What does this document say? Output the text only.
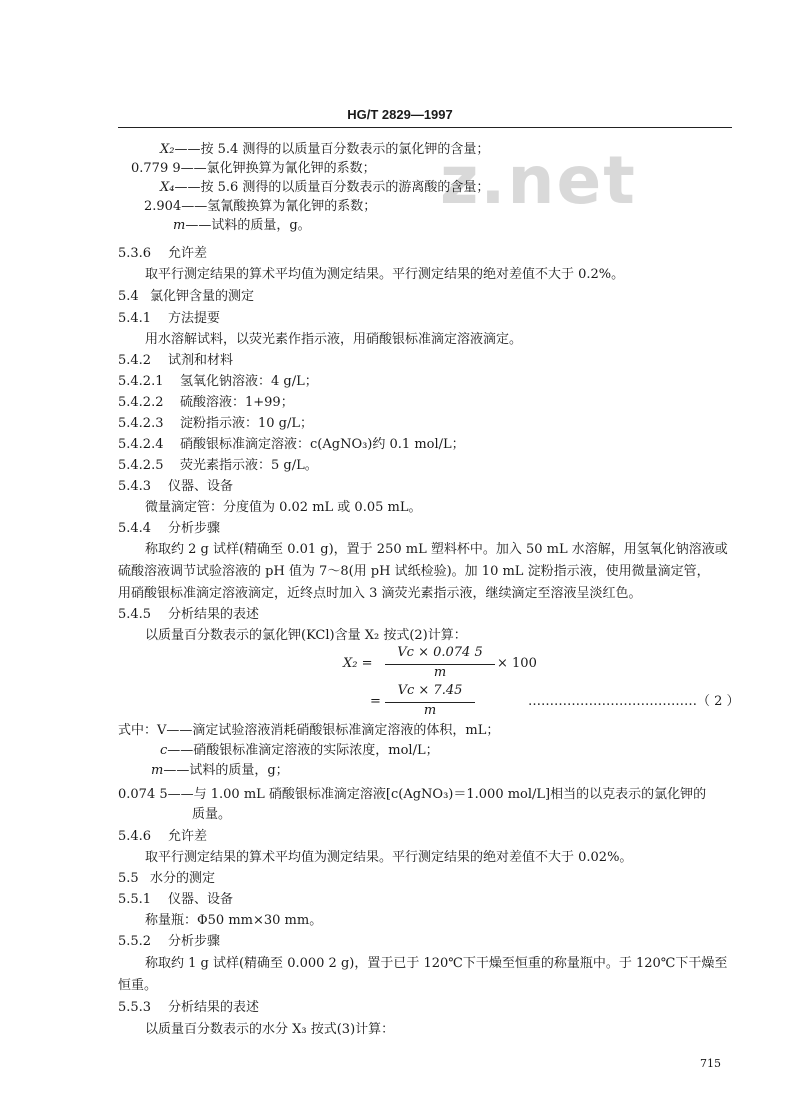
z.net
HG/T 2829—1997
X₂——按 5.4 测得的以质量百分数表示的氯化钾的含量；
0.779 9——氯化钾换算为氰化钾的系数；
X₄——按 5.6 测得的以质量百分数表示的游离酸的含量；
2.904——氢氰酸换算为氰化钾的系数；
m——试料的质量，g。
5.3.6 允许差
取平行测定结果的算术平均值为测定结果。平行测定结果的绝对差值不大于 0.2%。
5.4 氯化钾含量的测定
5.4.1 方法提要
用水溶解试料，以荧光素作指示液，用硝酸银标准滴定溶液滴定。
5.4.2 试剂和材料
5.4.2.1 氢氧化钠溶液：4 g/L；
5.4.2.2 硫酸溶液：1+99；
5.4.2.3 淀粉指示液：10 g/L；
5.4.2.4 硝酸银标准滴定溶液：c(AgNO₃)约 0.1 mol/L；
5.4.2.5 荧光素指示液：5 g/L。
5.4.3 仪器、设备
微量滴定管：分度值为 0.02 mL 或 0.05 mL。
5.4.4 分析步骤
称取约 2 g 试样(精确至 0.01 g)，置于 250 mL 塑料杯中。加入 50 mL 水溶解，用氢氧化钠溶液或
硫酸溶液调节试验溶液的 pH 值为 7～8(用 pH 试纸检验)。加 10 mL 淀粉指示液，使用微量滴定管，
用硝酸银标准滴定溶液滴定，近终点时加入 3 滴荧光素指示液，继续滴定至溶液呈淡红色。
5.4.5 分析结果的表述
以质量百分数表示的氯化钾(KCl)含量 X₂ 按式(2)计算：
X₂ =
Vc × 0.074 5
m
× 100
=
Vc × 7.45
m
…………………………………（ 2 ）
式中：V——滴定试验溶液消耗硝酸银标准滴定溶液的体积，mL；
c——硝酸银标准滴定溶液的实际浓度，mol/L；
m——试料的质量，g；
0.074 5——与 1.00 mL 硝酸银标准滴定溶液[c(AgNO₃)＝1.000 mol/L]相当的以克表示的氯化钾的
质量。
5.4.6 允许差
取平行测定结果的算术平均值为测定结果。平行测定结果的绝对差值不大于 0.02%。
5.5 水分的测定
5.5.1 仪器、设备
称量瓶：Φ50 mm×30 mm。
5.5.2 分析步骤
称取约 1 g 试样(精确至 0.000 2 g)，置于已于 120℃下干燥至恒重的称量瓶中。于 120℃下干燥至
恒重。
5.5.3 分析结果的表述
以质量百分数表示的水分 X₃ 按式(3)计算：
715
